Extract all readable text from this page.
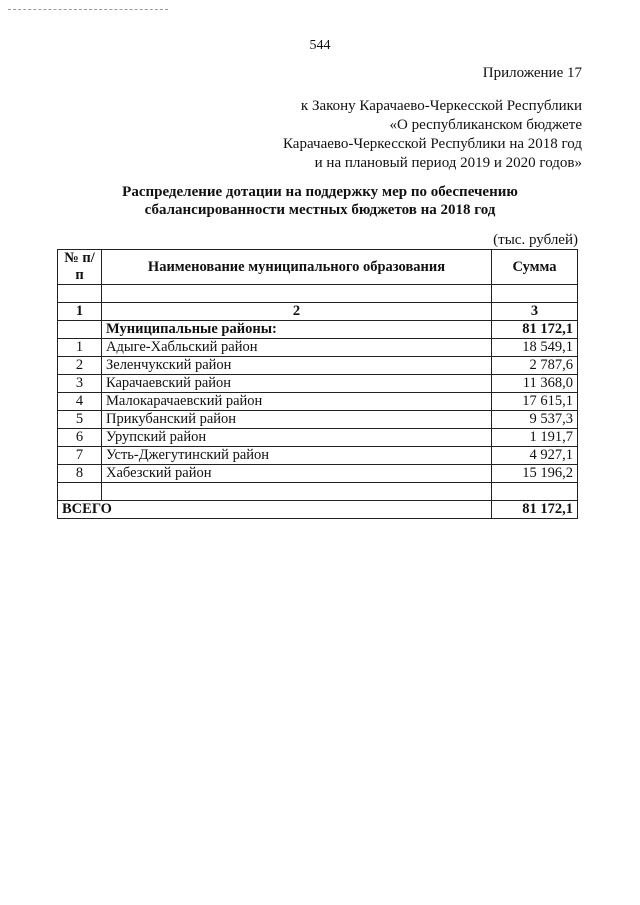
544
Приложение 17
к Закону Карачаево-Черкесской Республики
«О республиканском бюджете
Карачаево-Черкесской Республики на 2018 год
и на плановый период 2019 и 2020 годов»
Распределение дотации на поддержку мер по обеспечению
сбалансированности местных бюджетов на 2018 год
(тыс. рублей)
№ п/п	Наименование муниципального образования	Сумма

1	2	3
	Муниципальные районы:	81 172,1
1	Адыге-Хабльский район	18 549,1
2	Зеленчукский район	2 787,6
3	Карачаевский район	11 368,0
4	Малокарачаевский район	17 615,1
5	Прикубанский район	9 537,3
6	Урупский район	1 191,7
7	Усть-Джегутинский район	4 927,1
8	Хабезский район	15 196,2

ВСЕГО		81 172,1
